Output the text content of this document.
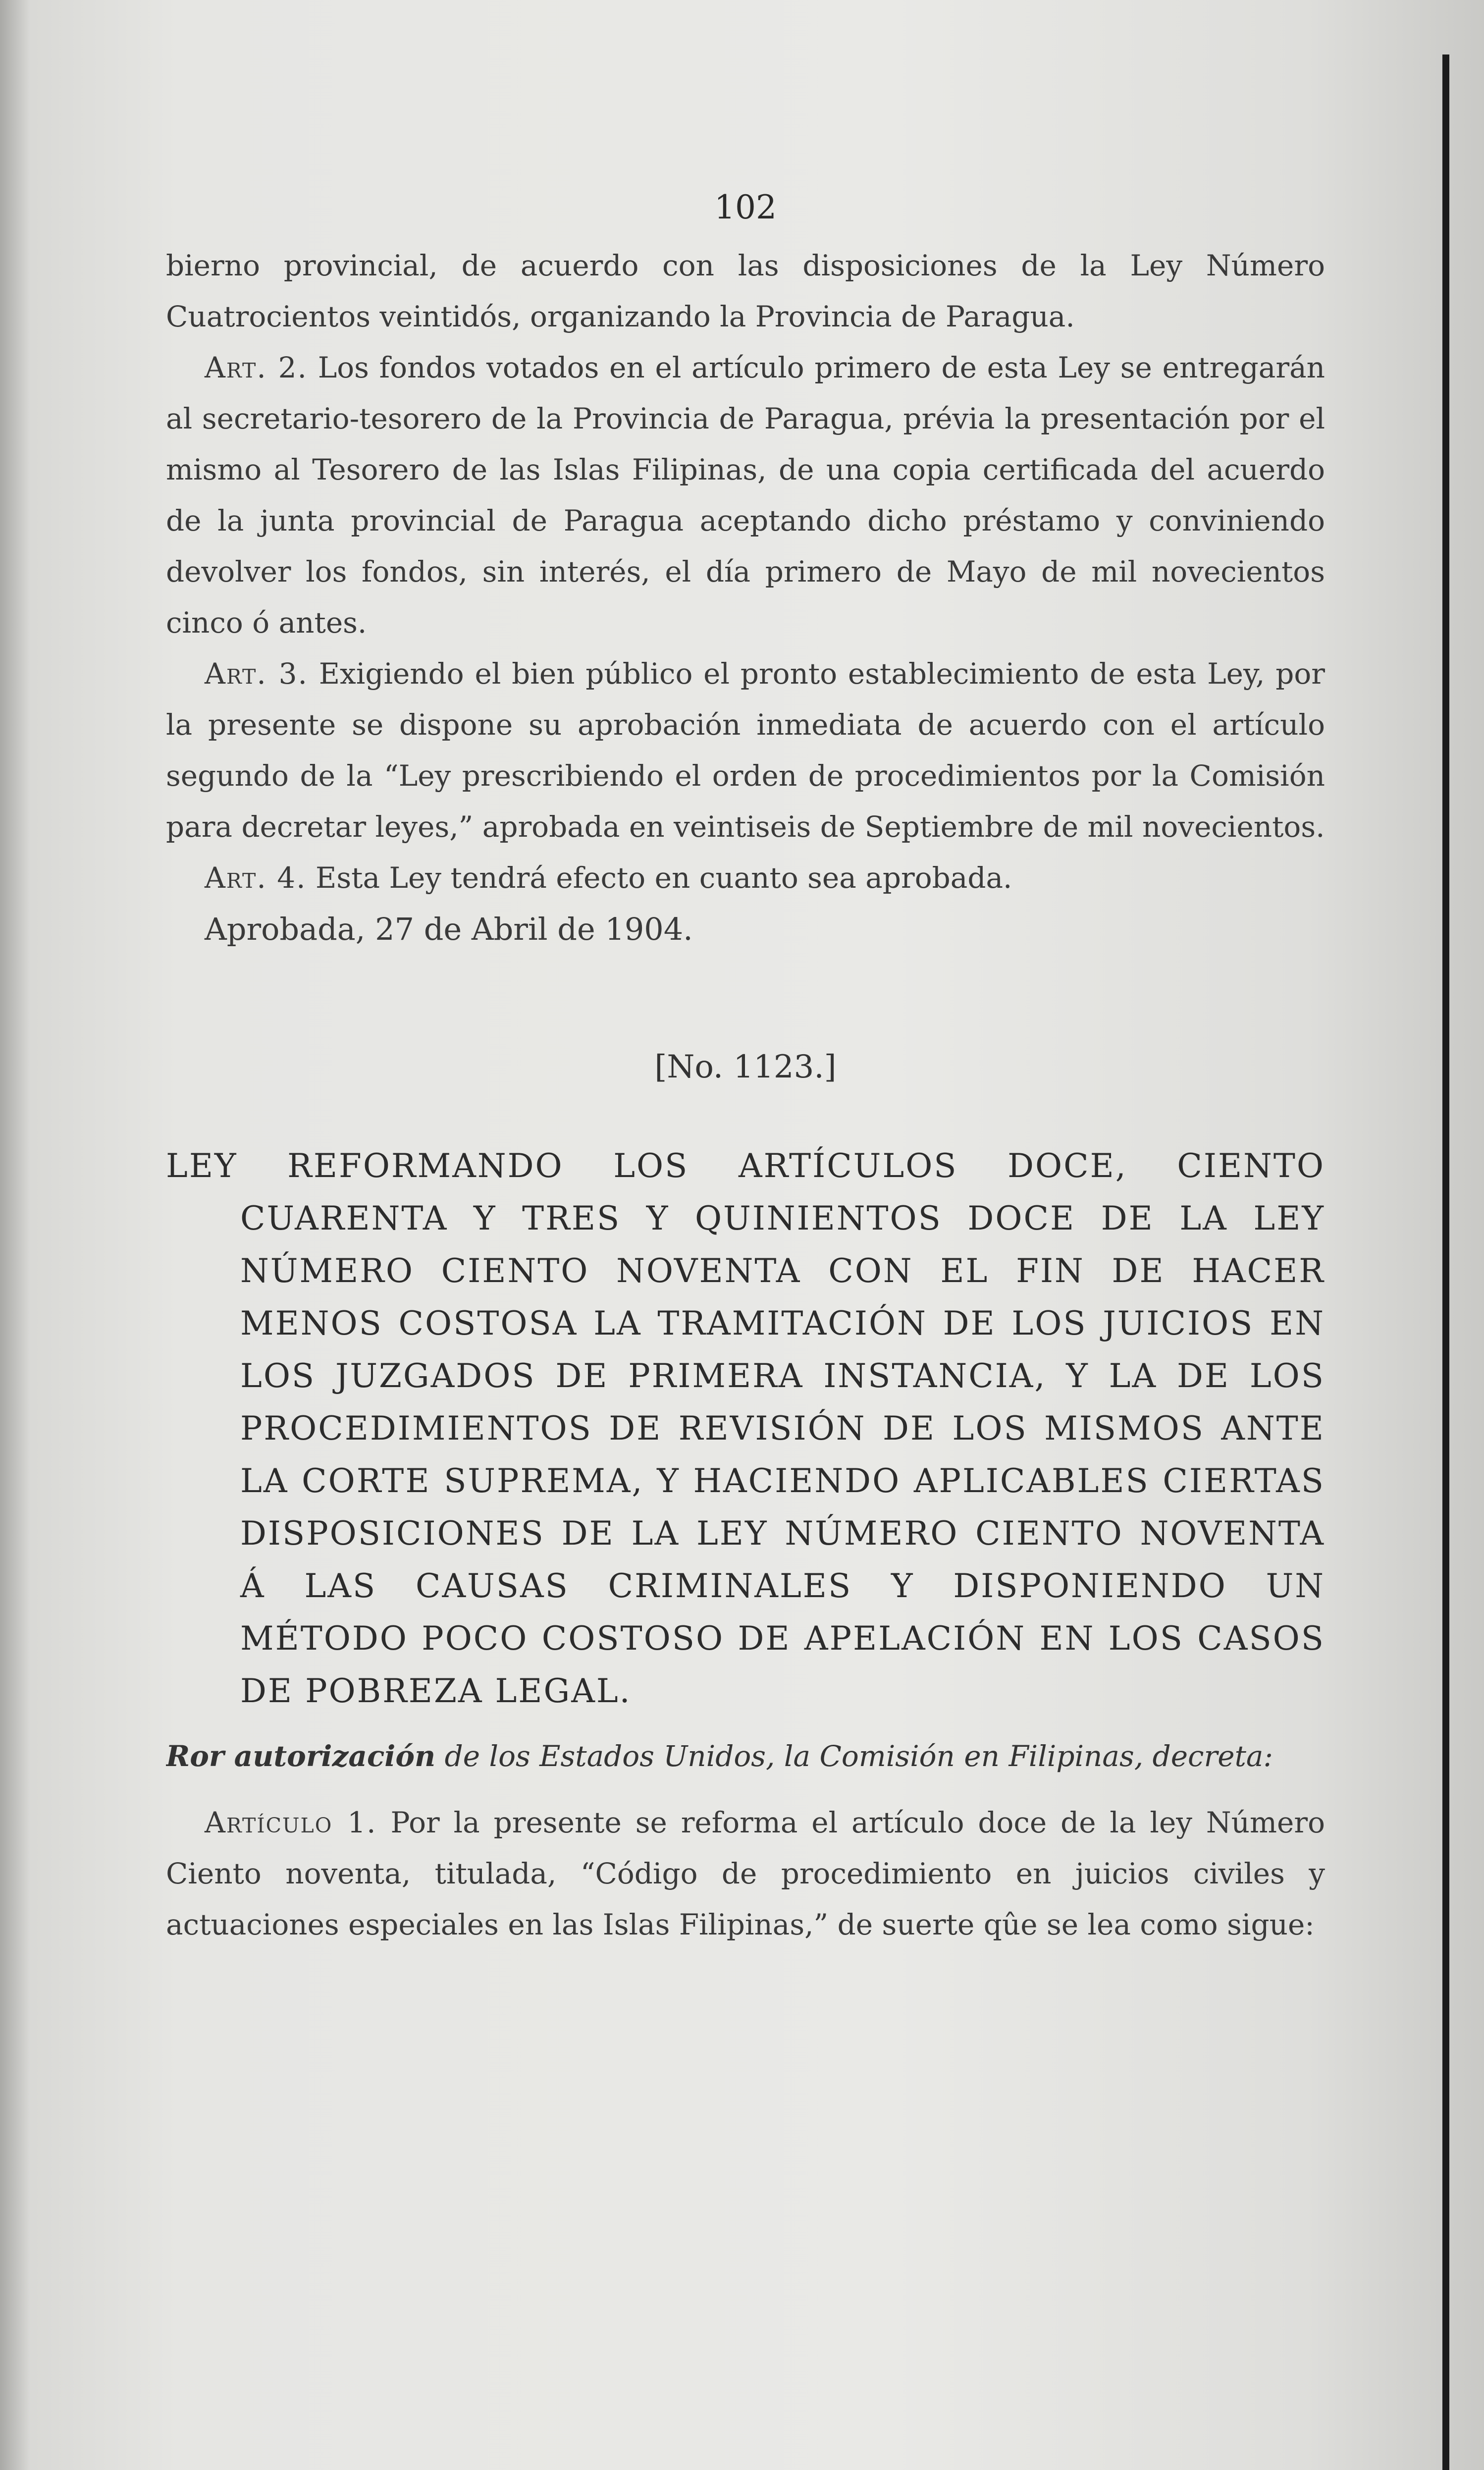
102

bierno provincial, de acuerdo con las disposiciones de la Ley Número Cuatrocientos veintidós, organizando la Provincia de Paragua.

Art. 2. Los fondos votados en el artículo primero de esta Ley se entregarán al secretario-tesorero de la Provincia de Paragua, prévia la presentación por el mismo al Tesorero de las Islas Filipinas, de una copia certificada del acuerdo de la junta provincial de Paragua aceptando dicho préstamo y conviniendo devolver los fondos, sin interés, el día primero de Mayo de mil novecientos cinco ó antes.

Art. 3. Exigiendo el bien público el pronto establecimiento de esta Ley, por la presente se dispone su aprobación inmediata de acuerdo con el artículo segundo de la “Ley prescribiendo el orden de procedimientos por la Comisión para decretar leyes,” aprobada en veintiseis de Septiembre de mil novecientos.

Art. 4. Esta Ley tendrá efecto en cuanto sea aprobada.

Aprobada, 27 de Abril de 1904.

[No. 1123.]

LEY REFORMANDO LOS ARTÍCULOS DOCE, CIENTO CUARENTA Y TRES Y QUINIENTOS DOCE DE LA LEY NÚMERO CIENTO NOVENTA CON EL FIN DE HACER MENOS COSTOSA LA TRAMITACIÓN DE LOS JUICIOS EN LOS JUZGADOS DE PRIMERA INSTANCIA, Y LA DE LOS PROCEDIMIENTOS DE REVISIÓN DE LOS MISMOS ANTE LA CORTE SUPREMA, Y HACIENDO APLICABLES CIERTAS DISPOSICIONES DE LA LEY NÚMERO CIENTO NOVENTA Á LAS CAUSAS CRIMINALES Y DISPONIENDO UN MÉTODO POCO COSTOSO DE APELACIÓN EN LOS CASOS DE POBREZA LEGAL.

Ror autorización de los Estados Unidos, la Comisión en Filipinas, decreta:

Artículo 1. Por la presente se reforma el artículo doce de la ley Número Ciento noventa, titulada, “Código de procedimiento en juicios civiles y actuaciones especiales en las Islas Filipinas,” de suerte qûe se lea como sigue:
